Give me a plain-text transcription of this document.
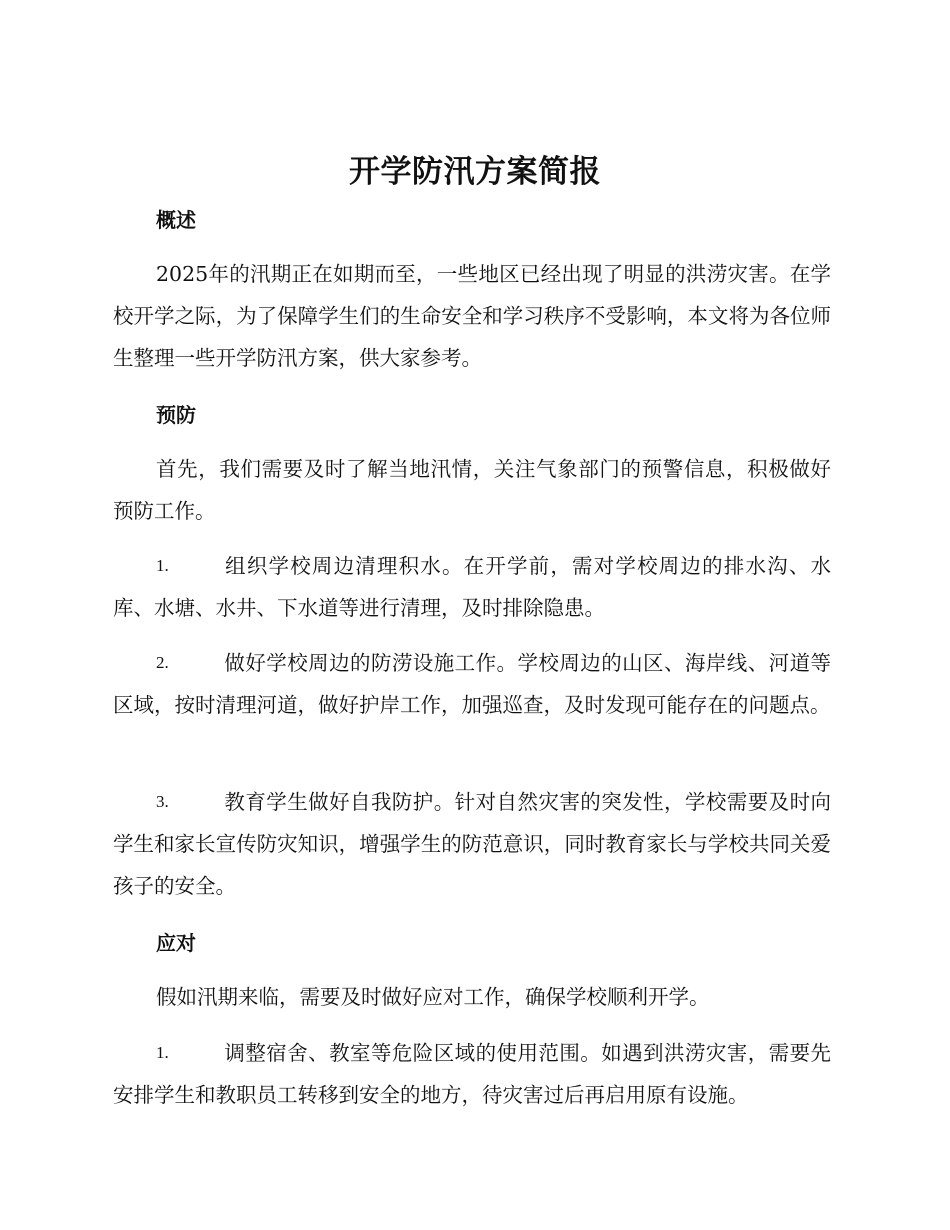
开学防汛方案简报
概述

2025年的汛期正在如期而至，一些地区已经出现了明显的洪涝灾害。在学校开学之际，为了保障学生们的生命安全和学习秩序不受影响，本文将为各位师生整理一些开学防汛方案，供大家参考。

预防

首先，我们需要及时了解当地汛情，关注气象部门的预警信息，积极做好预防工作。

1.	组织学校周边清理积水。在开学前，需对学校周边的排水沟、水库、水塘、水井、下水道等进行清理，及时排除隐患。

2.	做好学校周边的防涝设施工作。学校周边的山区、海岸线、河道等区域，按时清理河道，做好护岸工作，加强巡查，及时发现可能存在的问题点。

3.	教育学生做好自我防护。针对自然灾害的突发性，学校需要及时向学生和家长宣传防灾知识，增强学生的防范意识，同时教育家长与学校共同关爱孩子的安全。

应对

假如汛期来临，需要及时做好应对工作，确保学校顺利开学。

1.	调整宿舍、教室等危险区域的使用范围。如遇到洪涝灾害，需要先安排学生和教职员工转移到安全的地方，待灾害过后再启用原有设施。
